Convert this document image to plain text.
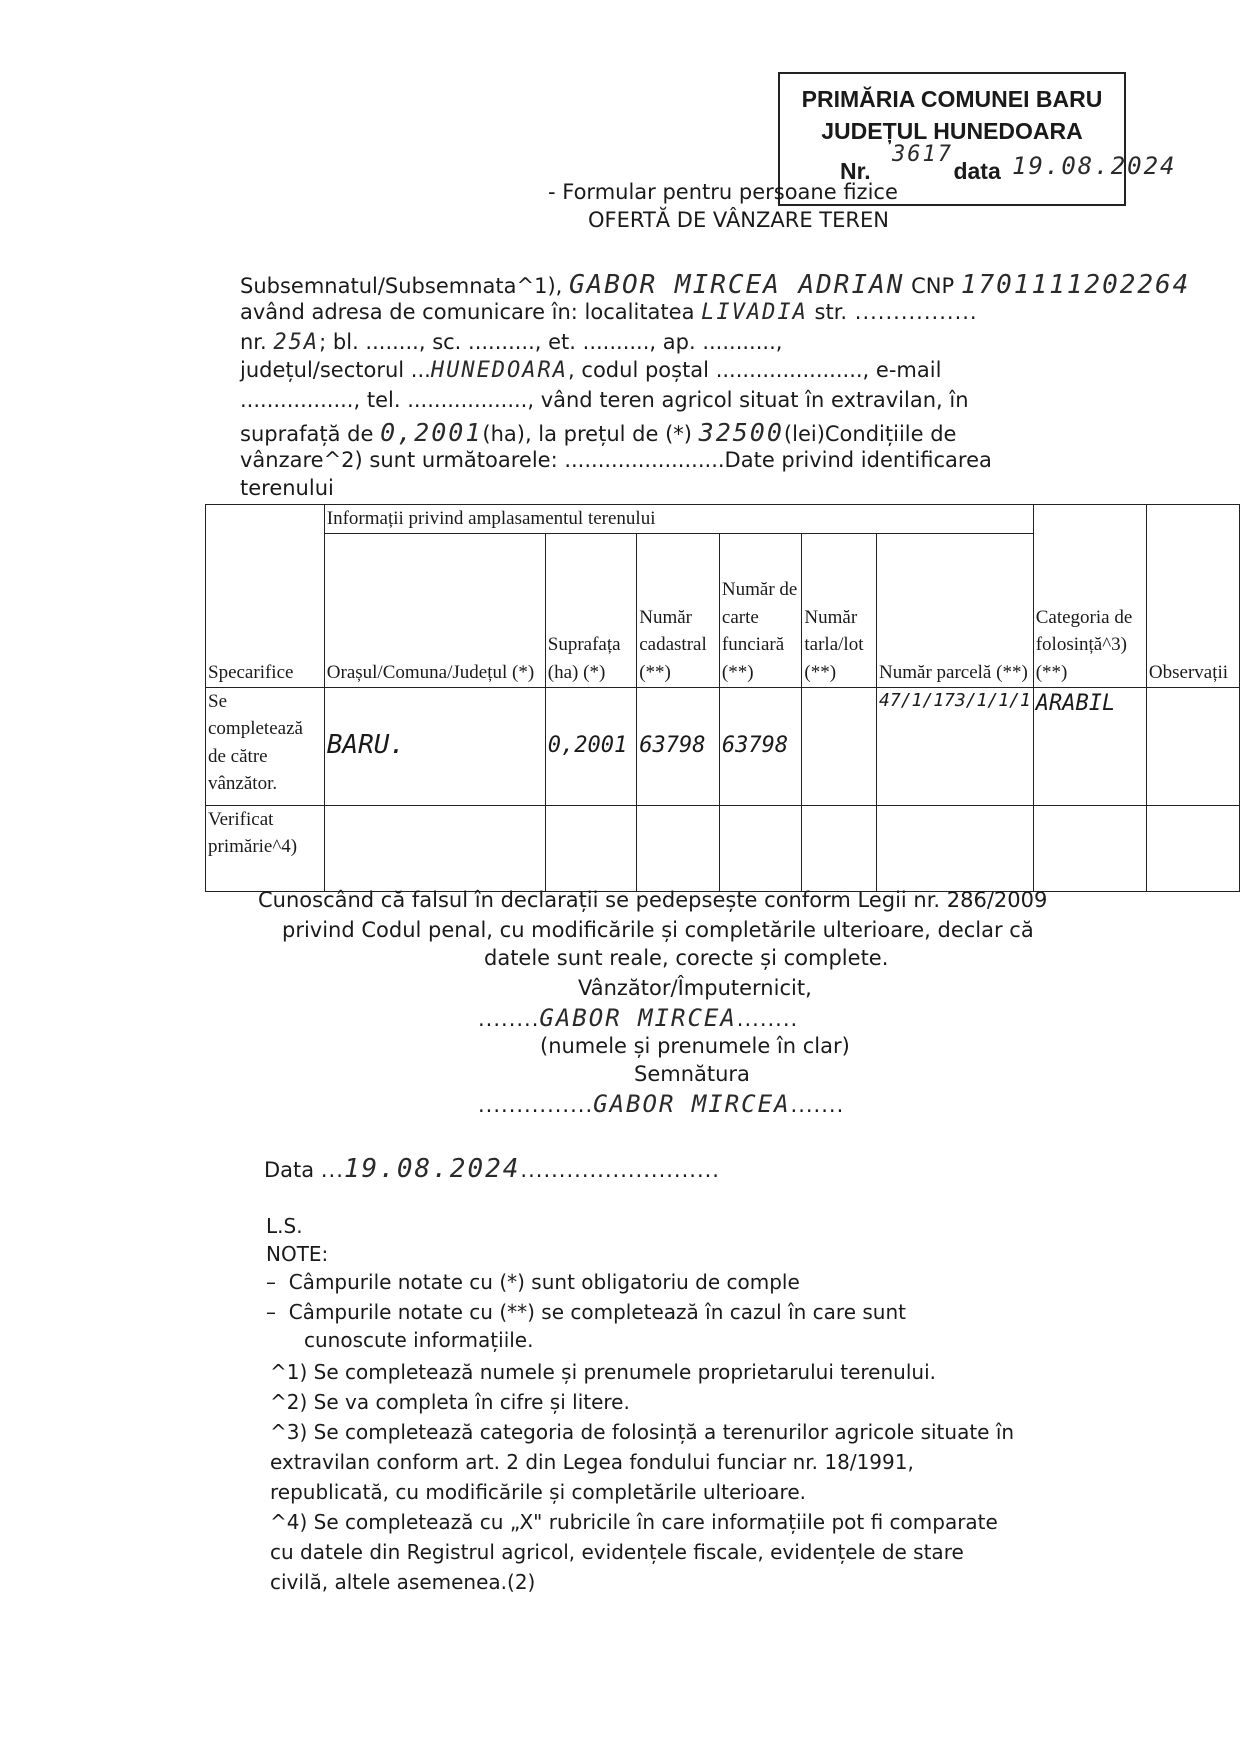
PRIMĂRIA COMUNEI BARU
JUDEȚUL HUNEDOARA
Nr.	data
3617 19.08.2024
- Formular pentru persoane fizice
OFERTĂ DE VÂNZARE TEREN
Subsemnatul/Subsemnata^1), GABOR MIRCEA ADRIAN CNP 1701111202264
având adresa de comunicare în: localitatea LIVADIA str. ................
nr. 25A; bl. ........, sc. .........., et. .........., ap. ...........,
județul/sectorul ...HUNEDOARA, codul poștal ......................, e-mail
................., tel. .................., vând teren agricol situat în extravilan, în
suprafață de 0,2001(ha), la prețul de (*) 32500(lei)Condițiile de
vânzare^2) sunt următoarele: ........................Date privind identificarea
terenului
Specarifice	Informații privind amplasamentul terenului						Categoria de folosință^3) (**)	Observații
	Orașul/Comuna/Județul (*)	Suprafața (ha) (*)	Număr cadastral (**)	Număr de carte funciară (**)	Număr tarla/lot (**)	Număr parcelă (**)		
Se completează de către vânzător.	BARU.	0,2001	63798	63798		47/1/173/1/1/1	ARABIL	
Verificat primărie^4)								
Cunoscând că falsul în declarații se pedepsește conform Legii nr. 286/2009
privind Codul penal, cu modificările și completările ulterioare, declar că
datele sunt reale, corecte și complete.
Vânzător/Împuternicit,
........GABOR MIRCEA........
(numele și prenumele în clar)
Semnătura
...............GABOR MIRCEA.......
Data ...19.08.2024..........................
L.S.
NOTE:
–  Câmpurile notate cu (*) sunt obligatoriu de comple
–  Câmpurile notate cu (**) se completează în cazul în care sunt
cunoscute informațiile.
^1) Se completează numele și prenumele proprietarului terenului.
^2) Se va completa în cifre și litere.
^3) Se completează categoria de folosință a terenurilor agricole situate în
extravilan conform art. 2 din Legea fondului funciar nr. 18/1991,
republicată, cu modificările și completările ulterioare.
^4) Se completează cu „X" rubricile în care informațiile pot fi comparate
cu datele din Registrul agricol, evidențele fiscale, evidențele de stare
civilă, altele asemenea.(2)
